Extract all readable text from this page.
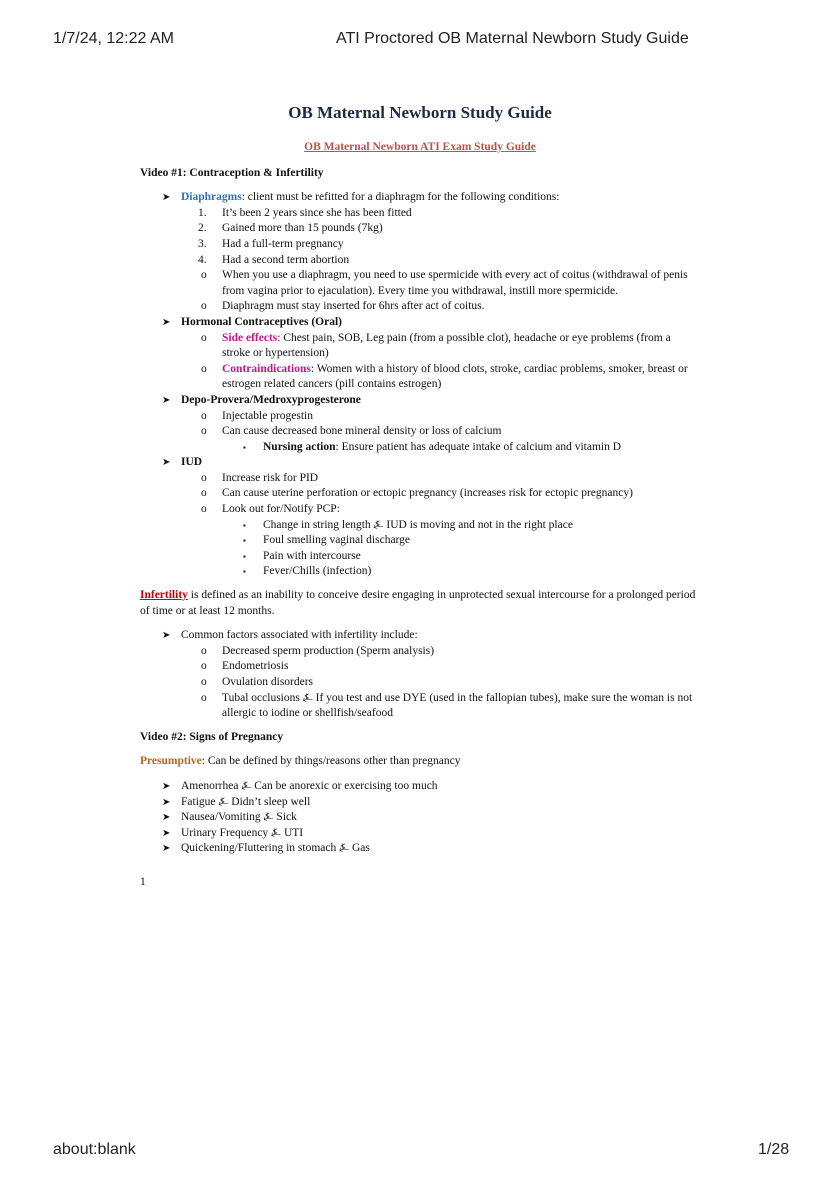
1/7/24, 12:22 AM	ATI Proctored OB Maternal Newborn Study Guide
OB Maternal Newborn Study Guide
OB Maternal Newborn ATI Exam Study Guide
Video #1: Contraception & Infertility
➤ Diaphragms: client must be refitted for a diaphragm for the following conditions:
1. It’s been 2 years since she has been fitted
2. Gained more than 15 pounds (7kg)
3. Had a full-term pregnancy
4. Had a second term abortion
o When you use a diaphragm, you need to use spermicide with every act of coitus (withdrawal of penis from vagina prior to ejaculation). Every time you withdrawal, instill more spermicide.
o Diaphragm must stay inserted for 6hrs after act of coitus.
➤ Hormonal Contraceptives (Oral)
o Side effects: Chest pain, SOB, Leg pain (from a possible clot), headache or eye problems (from a stroke or hypertension)
o Contraindications: Women with a history of blood clots, stroke, cardiac problems, smoker, breast or estrogen related cancers (pill contains estrogen)
➤ Depo-Provera/Medroxyprogesterone
o Injectable progestin
o Can cause decreased bone mineral density or loss of calcium
▪ Nursing action: Ensure patient has adequate intake of calcium and vitamin D
➤ IUD
o Increase risk for PID
o Can cause uterine perforation or ectopic pregnancy (increases risk for ectopic pregnancy)
o Look out for/Notify PCP:
▪ Change in string length ⍼ IUD is moving and not in the right place
▪ Foul smelling vaginal discharge
▪ Pain with intercourse
▪ Fever/Chills (infection)
Infertility is defined as an inability to conceive desire engaging in unprotected sexual intercourse for a prolonged period of time or at least 12 months.
➤ Common factors associated with infertility include:
o Decreased sperm production (Sperm analysis)
o Endometriosis
o Ovulation disorders
o Tubal occlusions ⍼ If you test and use DYE (used in the fallopian tubes), make sure the woman is not allergic to iodine or shellfish/seafood
Video #2: Signs of Pregnancy
Presumptive: Can be defined by things/reasons other than pregnancy
➤ Amenorrhea ⍼ Can be anorexic or exercising too much
➤ Fatigue ⍼ Didn’t sleep well
➤ Nausea/Vomiting ⍼ Sick
➤ Urinary Frequency ⍼ UTI
➤ Quickening/Fluttering in stomach ⍼ Gas
1
about:blank	1/28
